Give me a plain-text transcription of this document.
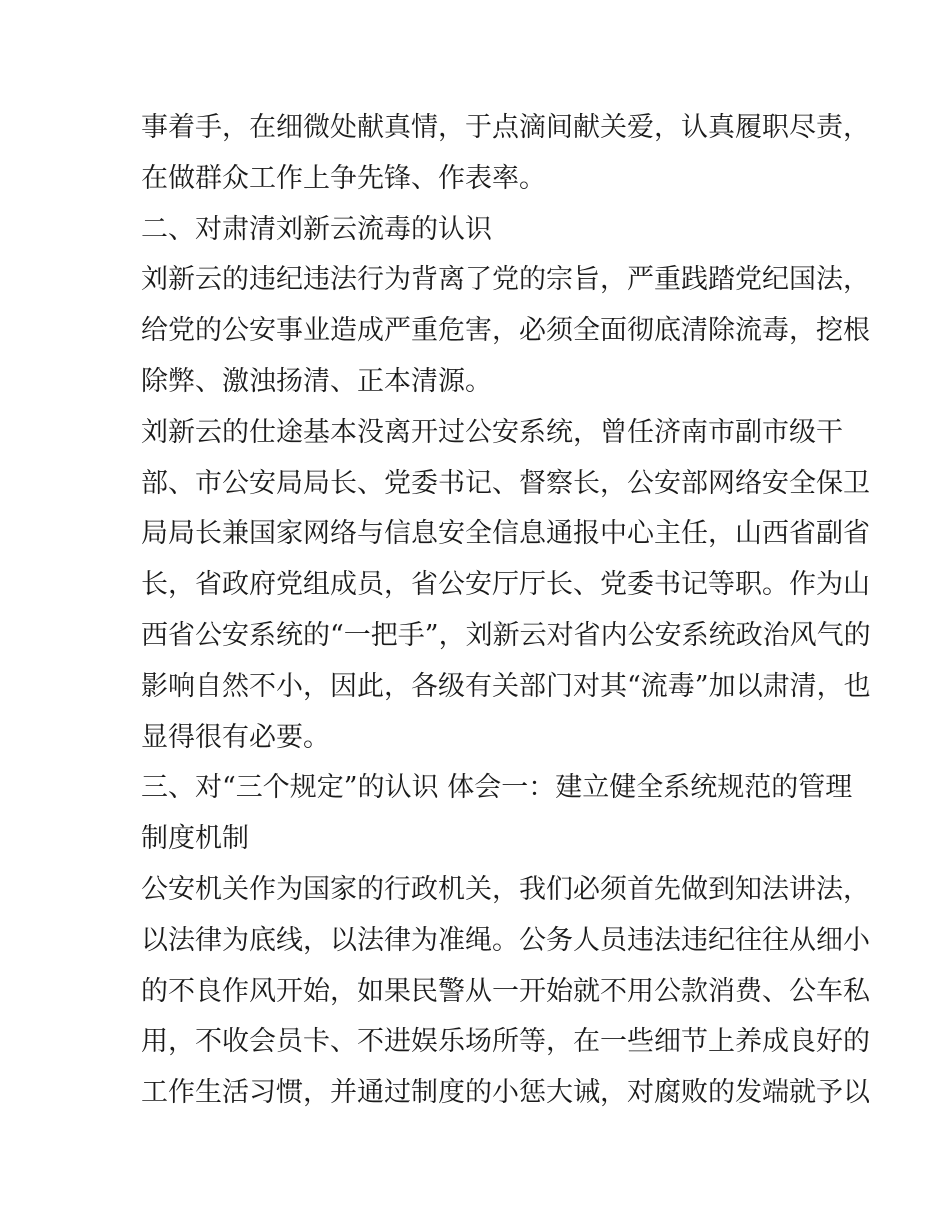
事着手，在细微处献真情，于点滴间献关爱，认真履职尽责，
在做群众工作上争先锋、作表率。
二、对肃清刘新云流毒的认识
刘新云的违纪违法行为背离了党的宗旨，严重践踏党纪国法，
给党的公安事业造成严重危害，必须全面彻底清除流毒，挖根
除弊、激浊扬清、正本清源。
刘新云的仕途基本没离开过公安系统，曾任济南市副市级干
部、市公安局局长、党委书记、督察长，公安部网络安全保卫
局局长兼国家网络与信息安全信息通报中心主任，山西省副省
长，省政府党组成员，省公安厅厅长、党委书记等职。作为山
西省公安系统的“一把手”，刘新云对省内公安系统政治风气的
影响自然不小，因此，各级有关部门对其“流毒”加以肃清，也
显得很有必要。
三、对“三个规定”的认识 体会一：建立健全系统规范的管理
制度机制
公安机关作为国家的行政机关，我们必须首先做到知法讲法，
以法律为底线，以法律为准绳。公务人员违法违纪往往从细小
的不良作风开始，如果民警从一开始就不用公款消费、公车私
用，不收会员卡、不进娱乐场所等，在一些细节上养成良好的
工作生活习惯，并通过制度的小惩大诫，对腐败的发端就予以
